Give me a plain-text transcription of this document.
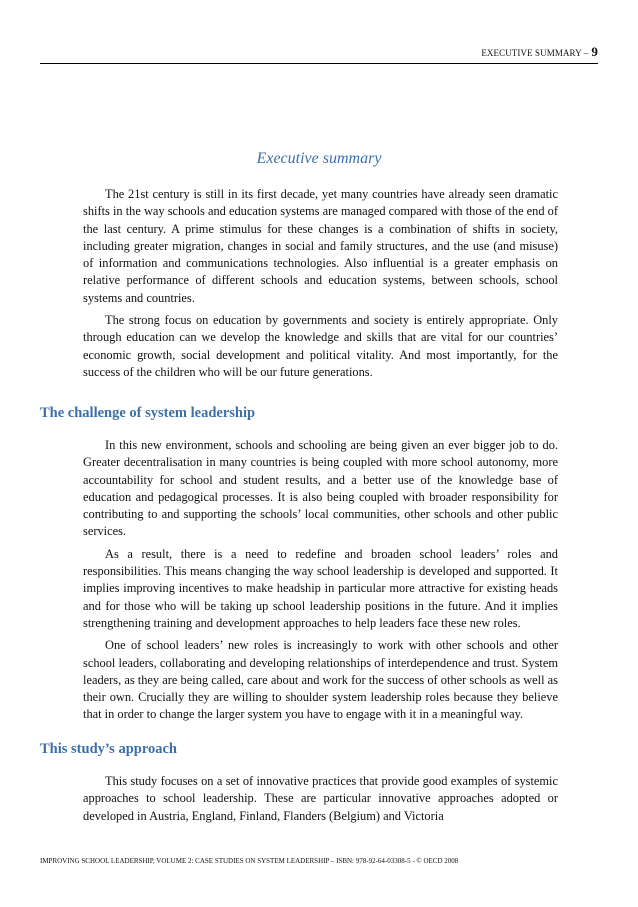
EXECUTIVE SUMMARY – 9
Executive summary

The 21st century is still in its first decade, yet many countries have already seen dramatic shifts in the way schools and education systems are managed compared with those of the end of the last century. A prime stimulus for these changes is a combination of shifts in society, including greater migration, changes in social and family structures, and the use (and misuse) of information and communications technologies. Also influential is a greater emphasis on relative performance of different schools and education systems, between schools, school systems and countries.

The strong focus on education by governments and society is entirely appropriate. Only through education can we develop the knowledge and skills that are vital for our countries’ economic growth, social development and political vitality. And most importantly, for the success of the children who will be our future generations.

The challenge of system leadership

In this new environment, schools and schooling are being given an ever bigger job to do. Greater decentralisation in many countries is being coupled with more school autonomy, more accountability for school and student results, and a better use of the knowledge base of education and pedagogical processes. It is also being coupled with broader responsibility for contributing to and supporting the schools’ local communities, other schools and other public services.

As a result, there is a need to redefine and broaden school leaders’ roles and responsibilities. This means changing the way school leadership is developed and supported. It implies improving incentives to make headship in particular more attractive for existing heads and for those who will be taking up school leadership positions in the future. And it implies strengthening training and development approaches to help leaders face these new roles.

One of school leaders’ new roles is increasingly to work with other schools and other school leaders, collaborating and developing relationships of interdependence and trust. System leaders, as they are being called, care about and work for the success of other schools as well as their own. Crucially they are willing to shoulder system leadership roles because they believe that in order to change the larger system you have to engage with it in a meaningful way.

This study’s approach

This study focuses on a set of innovative practices that provide good examples of systemic approaches to school leadership. These are particular innovative approaches adopted or developed in Austria, England, Finland, Flanders (Belgium) and Victoria

IMPROVING SCHOOL LEADERSHIP, VOLUME 2: CASE STUDIES ON SYSTEM LEADERSHIP – ISBN: 978-92-64-03308-5 - © OECD 2008
